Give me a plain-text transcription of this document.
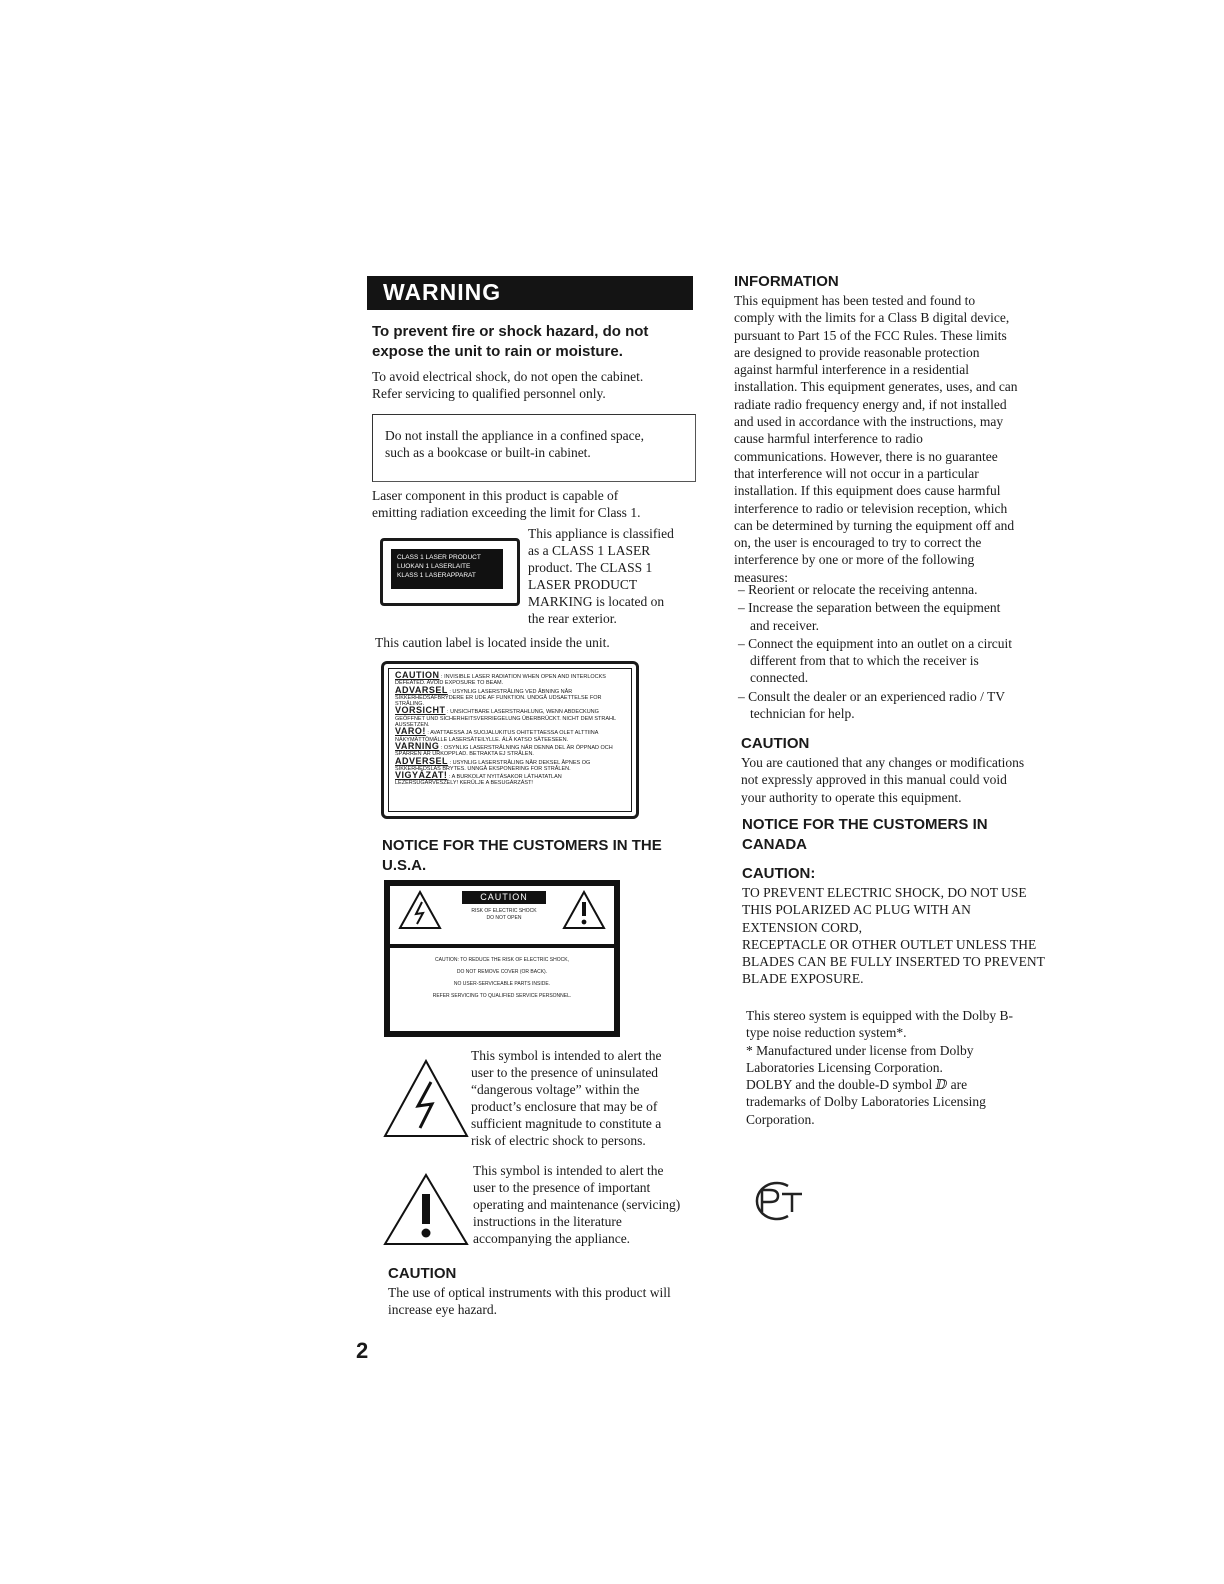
WARNING
To prevent fire or shock hazard, do not
expose the unit to rain or moisture.
To avoid electrical shock, do not open the cabinet.
Refer servicing to qualified personnel only.

Do not install the appliance in a confined space,
such as a bookcase or built-in cabinet.

Laser component in this product is capable of
emitting radiation exceeding the limit for Class 1.
CLASS 1 LASER PRODUCT
LUOKAN 1 LASERLAITE
KLASS 1 LASERAPPARAT
This appliance is classified
as a CLASS 1 LASER
product. The CLASS 1
LASER PRODUCT
MARKING is located on
the rear exterior.
This caution label is located inside the unit.
CAUTION : INVISIBLE LASER RADIATION WHEN OPEN AND INTERLOCKS DEFEATED. AVOID EXPOSURE TO BEAM.
ADVARSEL : USYNLIG LASERSTRÅLING VED ÅBNING NÅR SIKKERHEDSAFBRYDERE ER UDE AF FUNKTION. UNDGÅ UDSAETTELSE FOR STRÅLING.
VORSICHT : UNSICHTBARE LASERSTRAHLUNG, WENN ABDECKUNG GEÖFFNET UND SICHERHEITSVERRIEGELUNG ÜBERBRÜCKT. NICHT DEM STRAHL AUSSETZEN.
VARO! : AVATTAESSA JA SUOJALUKITUS OHITETTAESSA OLET ALTTIINA NÄKYMÄTTÖMÄLLE LASERSÄTEILYLLE. ÄLÄ KATSO SÄTEESEEN.
VARNING : OSYNLIG LASERSTRÅLNING NÄR DENNA DEL ÄR ÖPPNAD OCH SPÄRREN ÄR URKOPPLAD. BETRAKTA EJ STRÅLEN.
ADVERSEL : USYNLIG LASERSTRÅLING NÅR DEKSEL ÅPNES OG SIKKERHEDSLÅS BRYTES. UNNGÅ EKSPONERING FOR STRÅLEN.
VIGYÁZAT! : A BURKOLAT NYITÁSAKOR LÁTHATATLAN LÉZERSUGÁRVESZÉLY! KERÜLJE A BESUGÁRZÁST!
NOTICE FOR THE CUSTOMERS IN THE
U.S.A.
CAUTION
RISK OF ELECTRIC SHOCK
DO NOT OPEN
CAUTION: TO REDUCE THE RISK OF ELECTRIC SHOCK,
DO NOT REMOVE COVER (OR BACK).
NO USER-SERVICEABLE PARTS INSIDE.
REFER SERVICING TO QUALIFIED SERVICE PERSONNEL.
This symbol is intended to alert the
user to the presence of uninsulated
“dangerous voltage” within the
product’s enclosure that may be of
sufficient magnitude to constitute a
risk of electric shock to persons.
This symbol is intended to alert the
user to the presence of important
operating and maintenance (servicing)
instructions in the literature
accompanying the appliance.
CAUTION
The use of optical instruments with this product will
increase eye hazard.
2
INFORMATION
This equipment has been tested and found to
comply with the limits for a Class B digital device,
pursuant to Part 15 of the FCC Rules. These limits
are designed to provide reasonable protection
against harmful interference in a residential
installation. This equipment generates, uses, and can
radiate radio frequency energy and, if not installed
and used in accordance with the instructions, may
cause harmful interference to radio
communications. However, there is no guarantee
that interference will not occur in a particular
installation. If this equipment does cause harmful
interference to radio or television reception, which
can be determined by turning the equipment off and
on, the user is encouraged to try to correct the
interference by one or more of the following
measures:
– Reorient or relocate the receiving antenna.
– Increase the separation between the equipment
and receiver.
– Connect the equipment into an outlet on a circuit
different from that to which the receiver is
connected.
– Consult the dealer or an experienced radio / TV
technician for help.
CAUTION
You are cautioned that any changes or modifications
not expressly approved in this manual could void
your authority to operate this equipment.
NOTICE FOR THE CUSTOMERS IN
CANADA
CAUTION:
TO PREVENT ELECTRIC SHOCK, DO NOT USE
THIS POLARIZED AC PLUG WITH AN
EXTENSION CORD,
RECEPTACLE OR OTHER OUTLET UNLESS THE
BLADES CAN BE FULLY INSERTED TO PREVENT
BLADE EXPOSURE.
This stereo system is equipped with the Dolby B-
type noise reduction system*.
* Manufactured under license from Dolby
Laboratories Licensing Corporation.
DOLBY and the double-D symbol ⅅ are
trademarks of Dolby Laboratories Licensing
Corporation.
